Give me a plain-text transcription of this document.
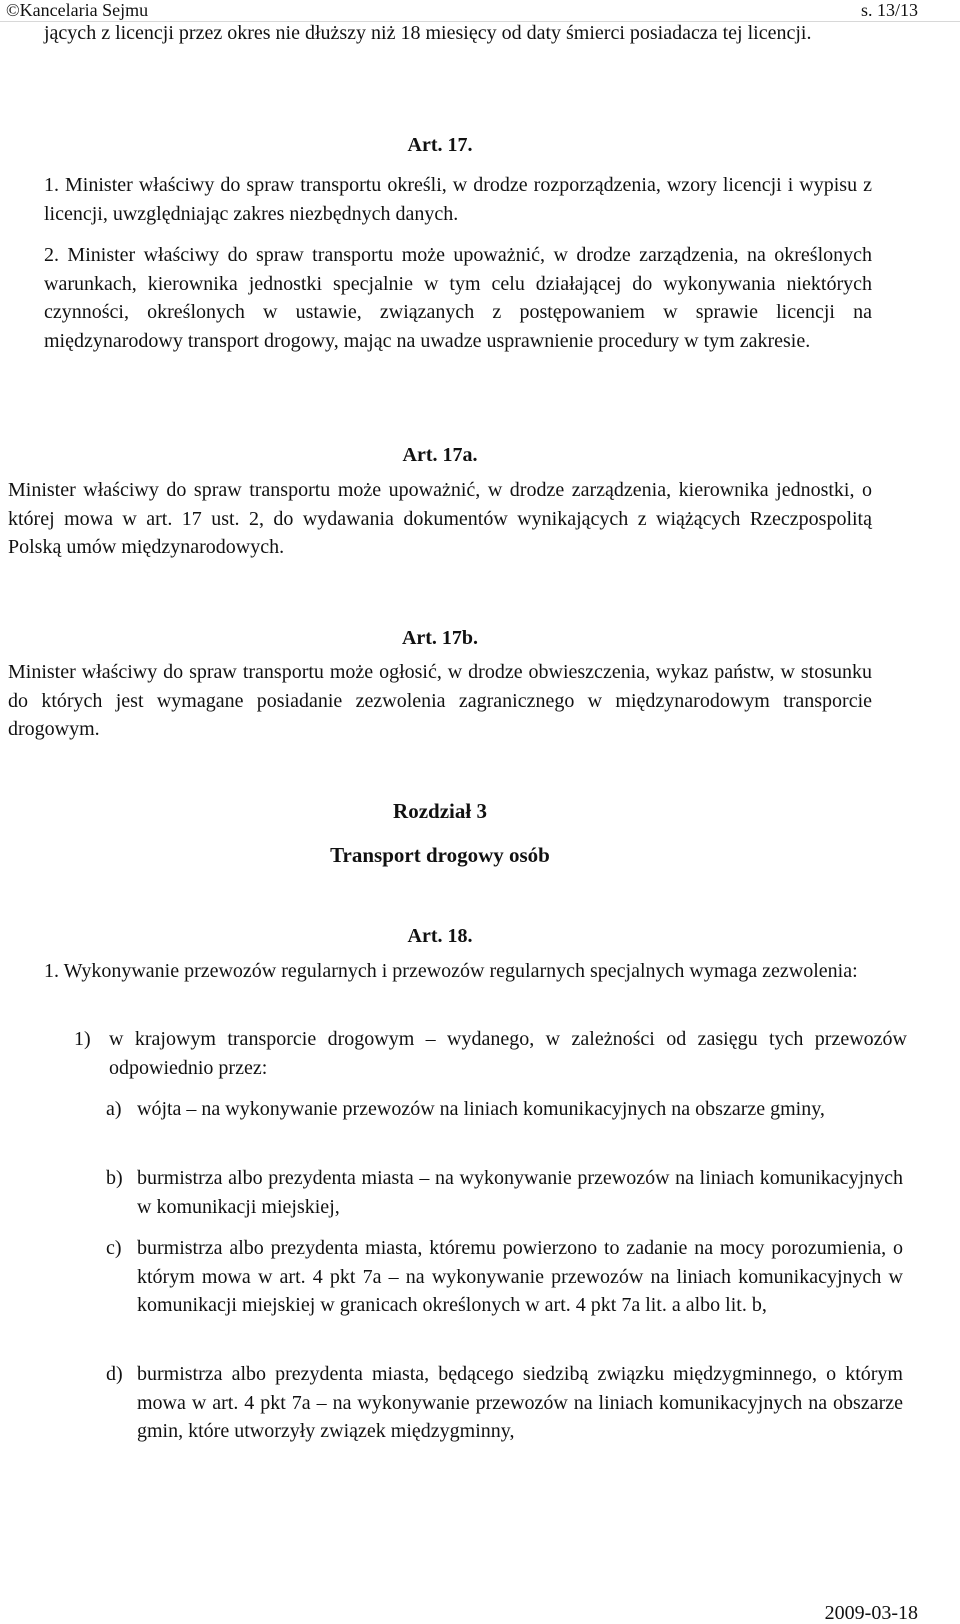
©Kancelaria Sejmu	s. 13/13
jących z licencji przez okres nie dłuższy niż 18 miesięcy od daty śmierci posiadacza tej licencji.
Art. 17.
1. Minister właściwy do spraw transportu określi, w drodze rozporządzenia, wzory licencji i wypisu z licencji, uwzględniając zakres niezbędnych danych.
2. Minister właściwy do spraw transportu może upoważnić, w drodze zarządzenia, na określonych warunkach, kierownika jednostki specjalnie w tym celu działającej do wykonywania niektórych czynności, określonych w ustawie, związanych z postępowaniem w sprawie licencji na międzynarodowy transport drogowy, mając na uwadze usprawnienie procedury w tym zakresie.
Art. 17a.
Minister właściwy do spraw transportu może upoważnić, w drodze zarządzenia, kierownika jednostki, o której mowa w art. 17 ust. 2, do wydawania dokumentów wynikających z wiążących Rzeczpospolitą Polską umów międzynarodowych.
Art. 17b.
Minister właściwy do spraw transportu może ogłosić, w drodze obwieszczenia, wykaz państw, w stosunku do których jest wymagane posiadanie zezwolenia zagranicznego w międzynarodowym transporcie drogowym.
Rozdział 3
Transport drogowy osób
Art. 18.
1. Wykonywanie przewozów regularnych i przewozów regularnych specjalnych wymaga zezwolenia:
1) w krajowym transporcie drogowym – wydanego, w zależności od zasięgu tych przewozów odpowiednio przez:
a) wójta – na wykonywanie przewozów na liniach komunikacyjnych na obszarze gminy,
b) burmistrza albo prezydenta miasta – na wykonywanie przewozów na liniach komunikacyjnych w komunikacji miejskiej,
c) burmistrza albo prezydenta miasta, któremu powierzono to zadanie na mocy porozumienia, o którym mowa w art. 4 pkt 7a – na wykonywanie przewozów na liniach komunikacyjnych w komunikacji miejskiej w granicach określonych w art. 4 pkt 7a lit. a albo lit. b,
d) burmistrza albo prezydenta miasta, będącego siedzibą związku międzygminnego, o którym mowa w art. 4 pkt 7a – na wykonywanie przewozów na liniach komunikacyjnych na obszarze gmin, które utworzyły związek międzygminny,
2009-03-18
